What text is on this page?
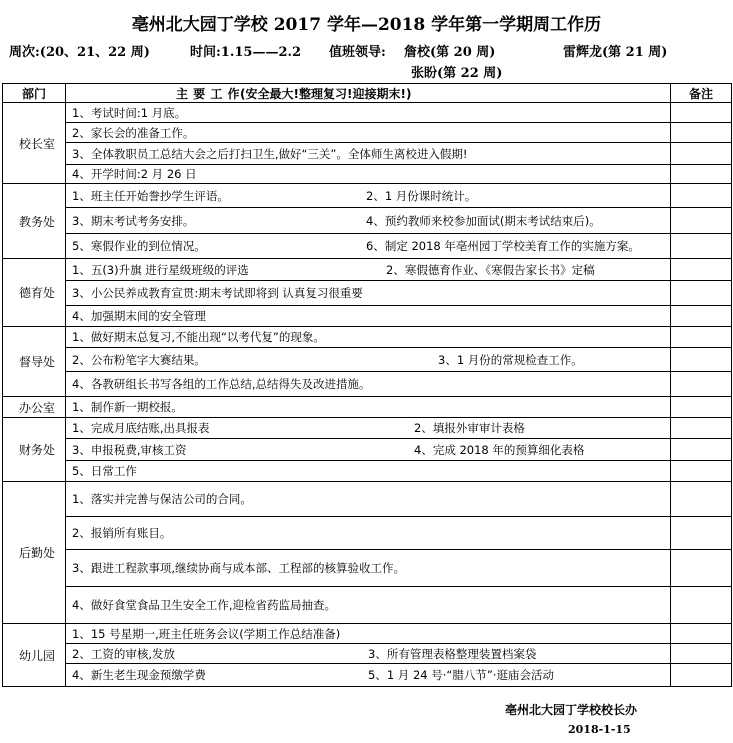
亳州北大园丁学校 2017 学年—2018 学年第一学期周工作历
周次:(20、21、22 周)	时间:1.15——2.2 值班领导: 詹校(第 20 周)	雷辉龙(第 21 周)
张盼(第 22 周)
部门	主 要 工 作(安全最大!整理复习!迎接期末!)	备注
校长室	1、考试时间:1 月底。	
	2、家长会的准备工作。	
	3、全体教职员工总结大会之后打扫卫生,做好“三关”。全体师生离校进入假期!	
	4、开学时间:2 月 26 日	
教务处	1、班主任开始誊抄学生评语。 2、1 月份课时统计。	
	3、期末考试考务安排。 4、预约教师来校参加面试(期末考试结束后)。	
	5、寒假作业的到位情况。 6、制定 2018 年亳州园丁学校美育工作的实施方案。	
德育处	1、五(3)升旗 进行星级班级的评选 2、寒假德育作业、《寒假告家长书》定稿	
	3、小公民养成教育宣贯:期末考试即将到 认真复习很重要	
	4、加强期末间的安全管理	
督导处	1、做好期末总复习,不能出现“以考代复”的现象。	
	2、公布粉笔字大赛结果。 3、1 月份的常规检查工作。	
	4、各教研组长书写各组的工作总结,总结得失及改进措施。	
办公室	1、制作新一期校报。	
财务处	1、完成月底结账,出具报表 2、填报外审审计表格	
	3、申报税费,审核工资 4、完成 2018 年的预算细化表格	
	5、日常工作	
后勤处	1、落实并完善与保洁公司的合同。	
	2、报销所有账目。	
	3、跟进工程款事项,继续协商与成本部、工程部的核算验收工作。	
	4、做好食堂食品卫生安全工作,迎检省药监局抽查。	
幼儿园	1、15 号星期一,班主任班务会议(学期工作总结准备)	
	2、工资的审核,发放 3、所有管理表格整理装置档案袋	
	4、新生老生现金预缴学费 5、1 月 24 号·“腊八节”·逛庙会活动	
亳州北大园丁学校校长办
2018-1-15
